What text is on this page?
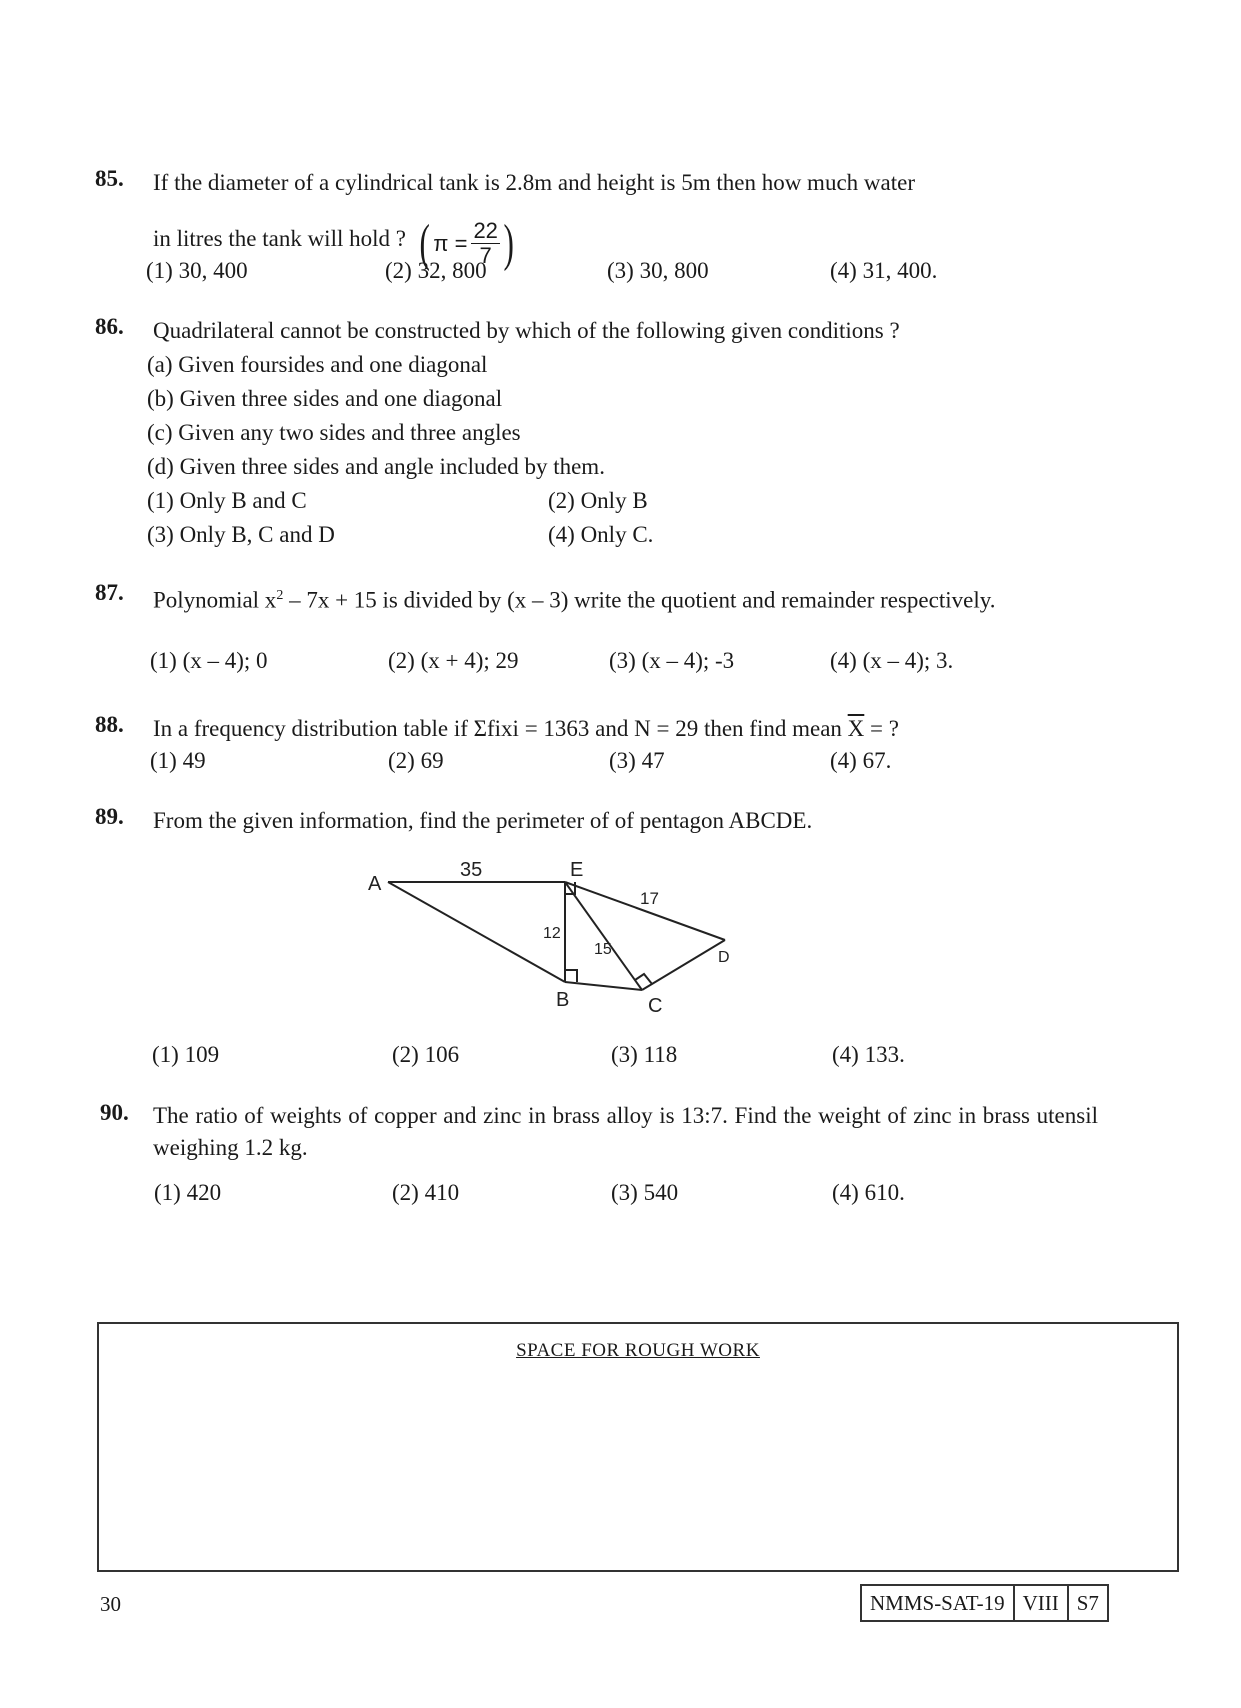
85.	If the diameter of a cylindrical tank is 2.8m and height is 5m then how much water
in litres the tank will hold ? ( $\pi = \frac{22}{7}$ )
(1) 30, 400	(2) 32, 800	(3) 30, 800	(4) 31, 400.
86.	Quadrilateral cannot be constructed by which of the following given conditions ?
(a) Given foursides and one diagonal
(b) Given three sides and one diagonal
(c) Given any two sides and three angles
(d) Given three sides and angle included by them.
(1) Only B and C	(2) Only B
(3) Only B, C and D	(4) Only C.
87.	Polynomial $x^2 - 7x + 15$ is divided by (x – 3) write the quotient and remainder respectively.
(1) (x – 4); 0	(2) (x + 4); 29	(3) (x – 4); -3	(4) (x – 4); 3.
88.	In a frequency distribution table if Σfixi = 1363 and N = 29 then find mean $\overline{X}$ = ?
(1) 49	(2) 69	(3) 47	(4) 67.
89.	From the given information, find the perimeter of of pentagon ABCDE.
A
E
D
C
B
35
17
12
15
(1) 109	(2) 106	(3) 118	(4) 133.
90.	The ratio of weights of copper and zinc in brass alloy is 13:7. Find the weight of zinc in brass utensil weighing 1.2 kg.
(1) 420	(2) 410	(3) 540	(4) 610.
SPACE FOR ROUGH WORK
30	NMMS-SAT-19 VIII S7
